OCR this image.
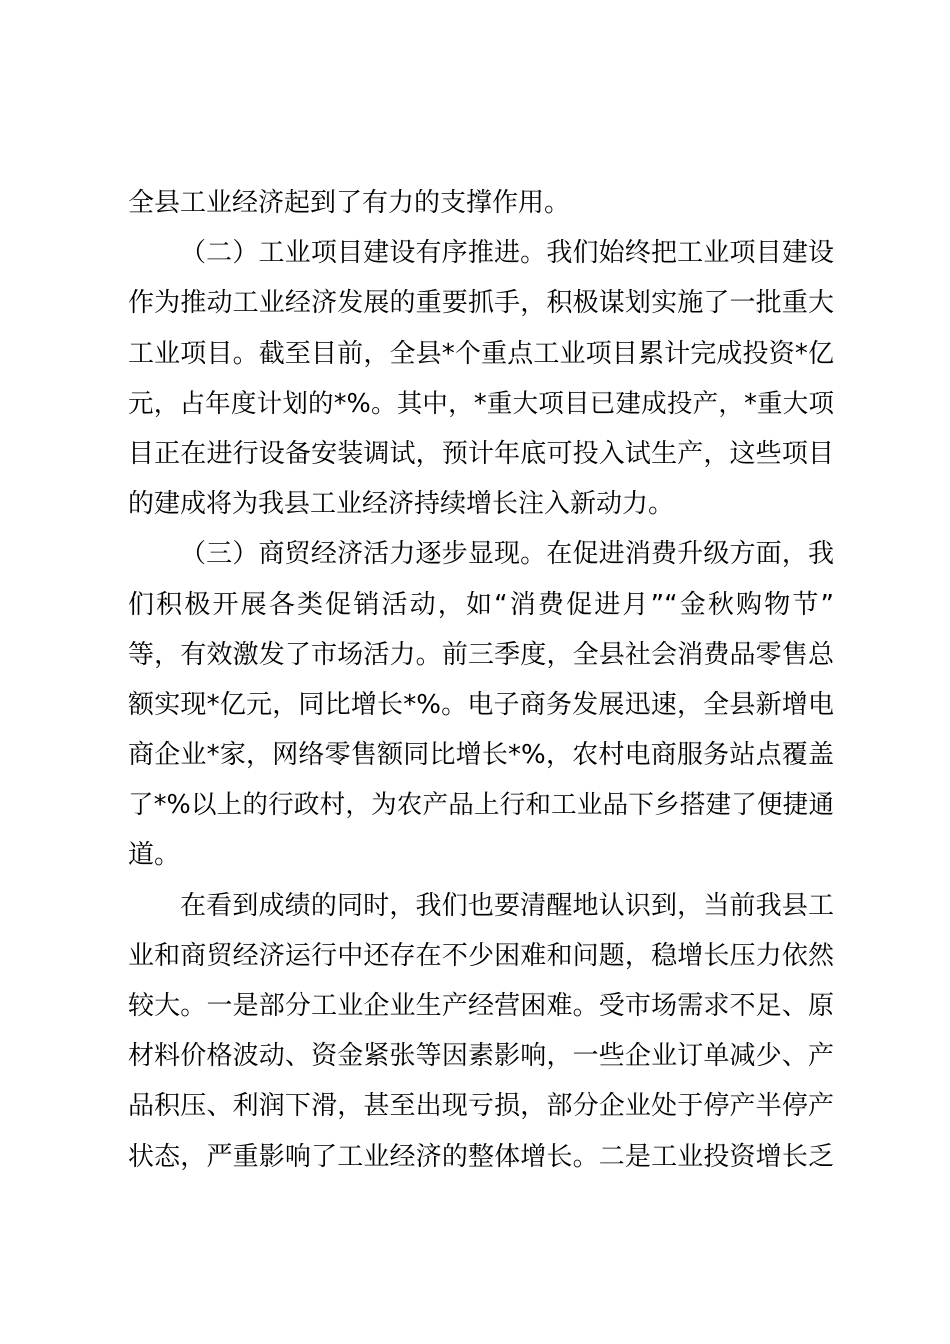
全县工业经济起到了有力的支撑作用。
（二）工业项目建设有序推进。我们始终把工业项目建设
作为推动工业经济发展的重要抓手，积极谋划实施了一批重大
工业项目。截至目前，全县*个重点工业项目累计完成投资*亿
元，占年度计划的*%。其中，*重大项目已建成投产，*重大项
目正在进行设备安装调试，预计年底可投入试生产，这些项目
的建成将为我县工业经济持续增长注入新动力。
（三）商贸经济活力逐步显现。在促进消费升级方面，我
们积极开展各类促销活动，如“消费促进月”“金秋购物节”
等，有效激发了市场活力。前三季度，全县社会消费品零售总
额实现*亿元，同比增长*%。电子商务发展迅速，全县新增电
商企业*家，网络零售额同比增长*%，农村电商服务站点覆盖
了*%以上的行政村，为农产品上行和工业品下乡搭建了便捷通
道。
在看到成绩的同时，我们也要清醒地认识到，当前我县工
业和商贸经济运行中还存在不少困难和问题，稳增长压力依然
较大。一是部分工业企业生产经营困难。受市场需求不足、原
材料价格波动、资金紧张等因素影响，一些企业订单减少、产
品积压、利润下滑，甚至出现亏损，部分企业处于停产半停产
状态，严重影响了工业经济的整体增长。二是工业投资增长乏
